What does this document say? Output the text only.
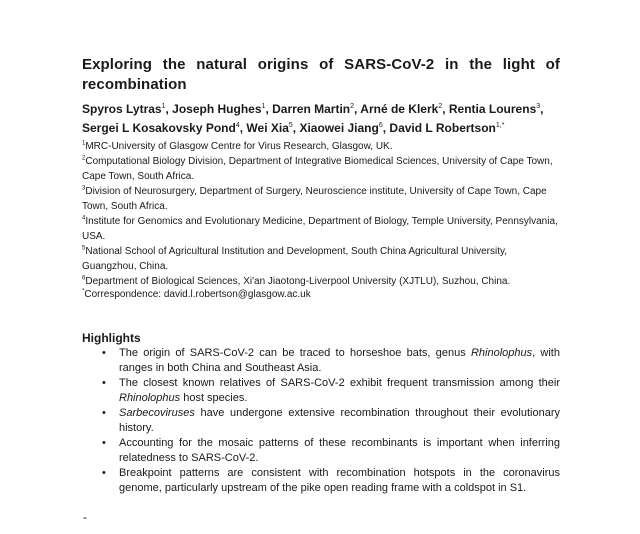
Exploring the natural origins of SARS-CoV-2 in the light of recombination

Spyros Lytras$^1$, Joseph Hughes$^1$, Darren Martin$^2$, Arné de Klerk$^2$, Rentia Lourens$^3$,
Sergei L Kosakovsky Pond$^4$, Wei Xia$^5$, Xiaowei Jiang$^6$, David L Robertson$^{1,*}$

$^1$MRC-University of Glasgow Centre for Virus Research, Glasgow, UK.
$^2$Computational Biology Division, Department of Integrative Biomedical Sciences, University of Cape Town, Cape Town, South Africa.
$^3$Division of Neurosurgery, Department of Surgery, Neuroscience institute, University of Cape Town, Cape Town, South Africa.
$^4$Institute for Genomics and Evolutionary Medicine, Department of Biology, Temple University, Pennsylvania, USA.
$^5$National School of Agricultural Institution and Development, South China Agricultural University, Guangzhou, China.
$^6$Department of Biological Sciences, Xi'an Jiaotong-Liverpool University (XJTLU), Suzhou, China.

*Correspondence: david.l.robertson@glasgow.ac.uk

Highlights
• The origin of SARS-CoV-2 can be traced to horseshoe bats, genus Rhinolophus, with ranges in both China and Southeast Asia.
• The closest known relatives of SARS-CoV-2 exhibit frequent transmission among their Rhinolophus host species.
• Sarbecoviruses have undergone extensive recombination throughout their evolutionary history.
• Accounting for the mosaic patterns of these recombinants is important when inferring relatedness to SARS-CoV-2.
• Breakpoint patterns are consistent with recombination hotspots in the coronavirus genome, particularly upstream of the pike open reading frame with a coldspot in S1.
-
